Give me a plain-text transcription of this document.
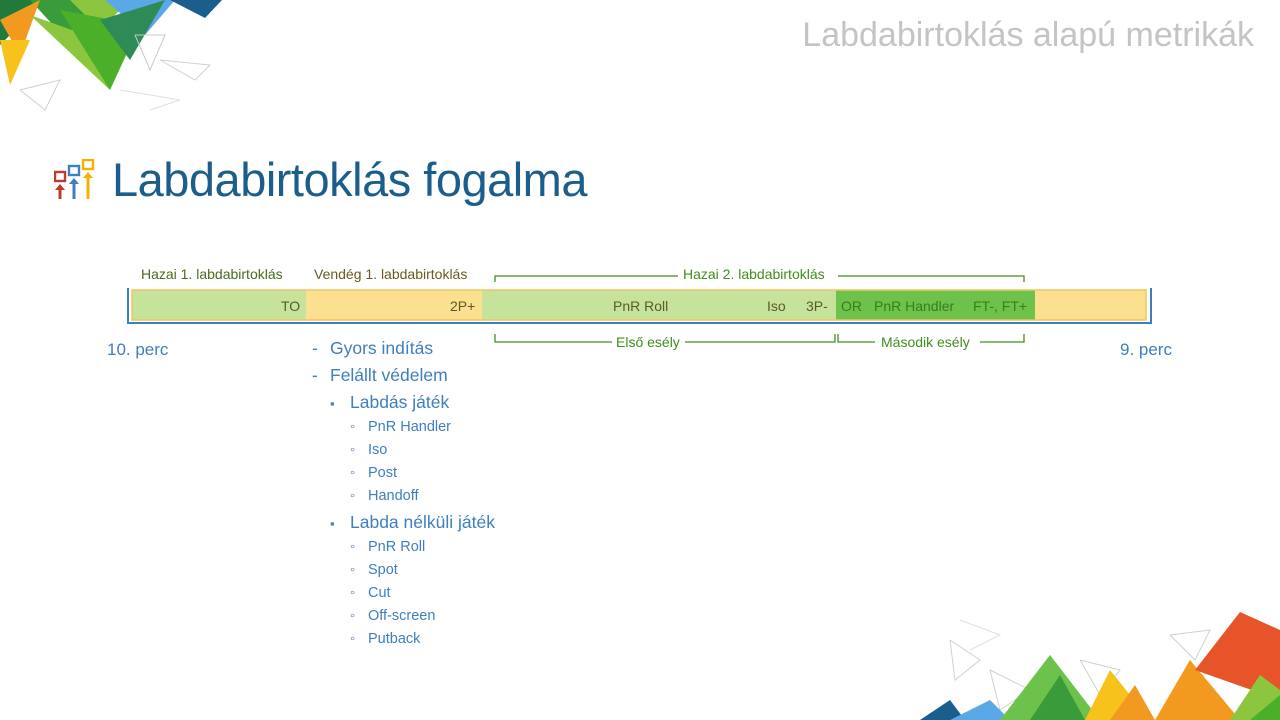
Labdabirtoklás alapú metrikák
Labdabirtoklás fogalma
Hazai 1. labdabirtoklás Vendég 1. labdabirtoklás	Hazai 2. labdabirtoklás
TO	2P+	PnR Roll	Iso 3P- OR PnR Handler FT-, FT+
Első esély	Második esély
10. perc	9. perc
- Gyors indítás
- Felállt védelem
▪ Labdás játék
◦ PnR Handler
◦ Iso
◦ Post
◦ Handoff
▪ Labda nélküli játék
◦ PnR Roll
◦ Spot
◦ Cut
◦ Off-screen
◦ Putback
